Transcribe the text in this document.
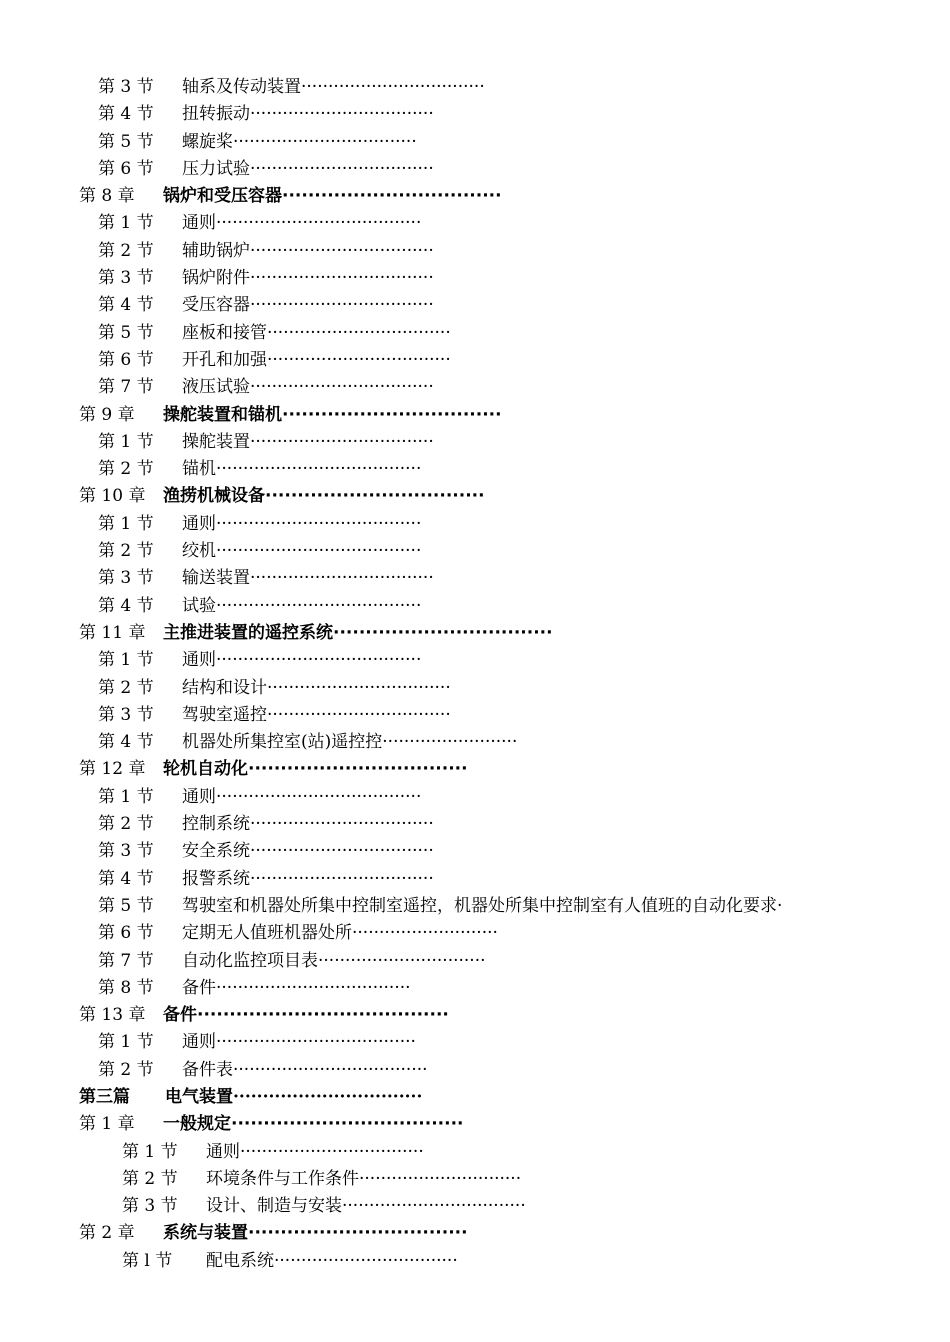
第 3 节	轴系及传动装置 ··································
第 4 节	扭转振动 ··································
第 5 节	螺旋桨 ··································
第 6 节	压力试验 ··································
第 8 章	锅炉和受压容器 ··································
第 1 节	通则 ······································
第 2 节	辅助锅炉 ··································
第 3 节	锅炉附件 ··································
第 4 节	受压容器 ··································
第 5 节	座板和接管 ··································
第 6 节	开孔和加强 ··································
第 7 节	液压试验 ··································
第 9 章	操舵装置和锚机 ··································
第 1 节	操舵装置 ··································
第 2 节	锚机 ······································
第 10 章	渔捞机械设备 ··································
第 1 节	通则 ······································
第 2 节	绞机 ······································
第 3 节	输送装置 ··································
第 4 节	试验 ······································
第 11 章	主推进装置的遥控系统 ··································
第 1 节	通则 ······································
第 2 节	结构和设计 ··································
第 3 节	驾驶室遥控 ··································
第 4 节	机器处所集控室(站)遥控控 ·························
第 12 章	轮机自动化 ··································
第 1 节	通则 ······································
第 2 节	控制系统 ··································
第 3 节	安全系统 ··································
第 4 节	报警系统 ··································
第 5 节	驾驶室和机器处所集中控制室遥控，机器处所集中控制室有人值班的自动化要求 ·
第 6 节	定期无人值班机器处所 ···························
第 7 节	自动化监控项目表 ·······························
第 8 节	备件 ····································
第 13 章	备件 ·······································
第 1 节	通则 ·····································
第 2 节	备件表 ····································
第三篇	电气装置 ································
第 1 章	一般规定 ····································
第 1 节	通则 ··································
第 2 节	环境条件与工作条件 ······························
第 3 节	设计、制造与安装 ··································
第 2 章	系统与装置 ··································
第 l 节	配电系统 ··································
